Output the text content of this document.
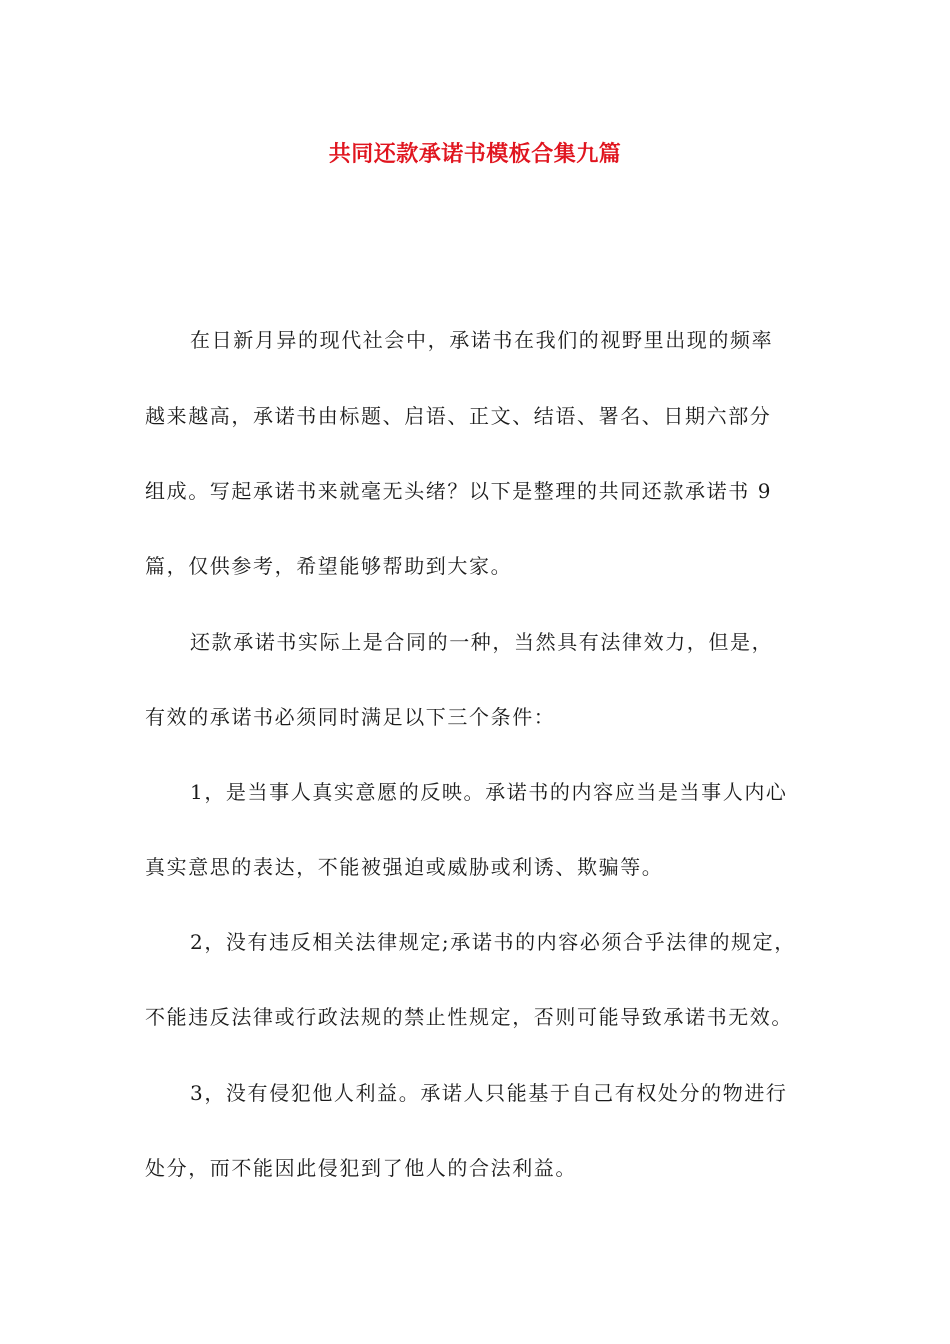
共同还款承诺书模板合集九篇
在日新月异的现代社会中，承诺书在我们的视野里出现的频率
越来越高，承诺书由标题、启语、正文、结语、署名、日期六部分
组成。写起承诺书来就毫无头绪？以下是整理的共同还款承诺书 9
篇，仅供参考，希望能够帮助到大家。
还款承诺书实际上是合同的一种，当然具有法律效力，但是，
有效的承诺书必须同时满足以下三个条件：
1，是当事人真实意愿的反映。承诺书的内容应当是当事人内心
真实意思的表达，不能被强迫或威胁或利诱、欺骗等。
2，没有违反相关法律规定;承诺书的内容必须合乎法律的规定，
不能违反法律或行政法规的禁止性规定，否则可能导致承诺书无效。
3，没有侵犯他人利益。承诺人只能基于自己有权处分的物进行
处分，而不能因此侵犯到了他人的合法利益。
